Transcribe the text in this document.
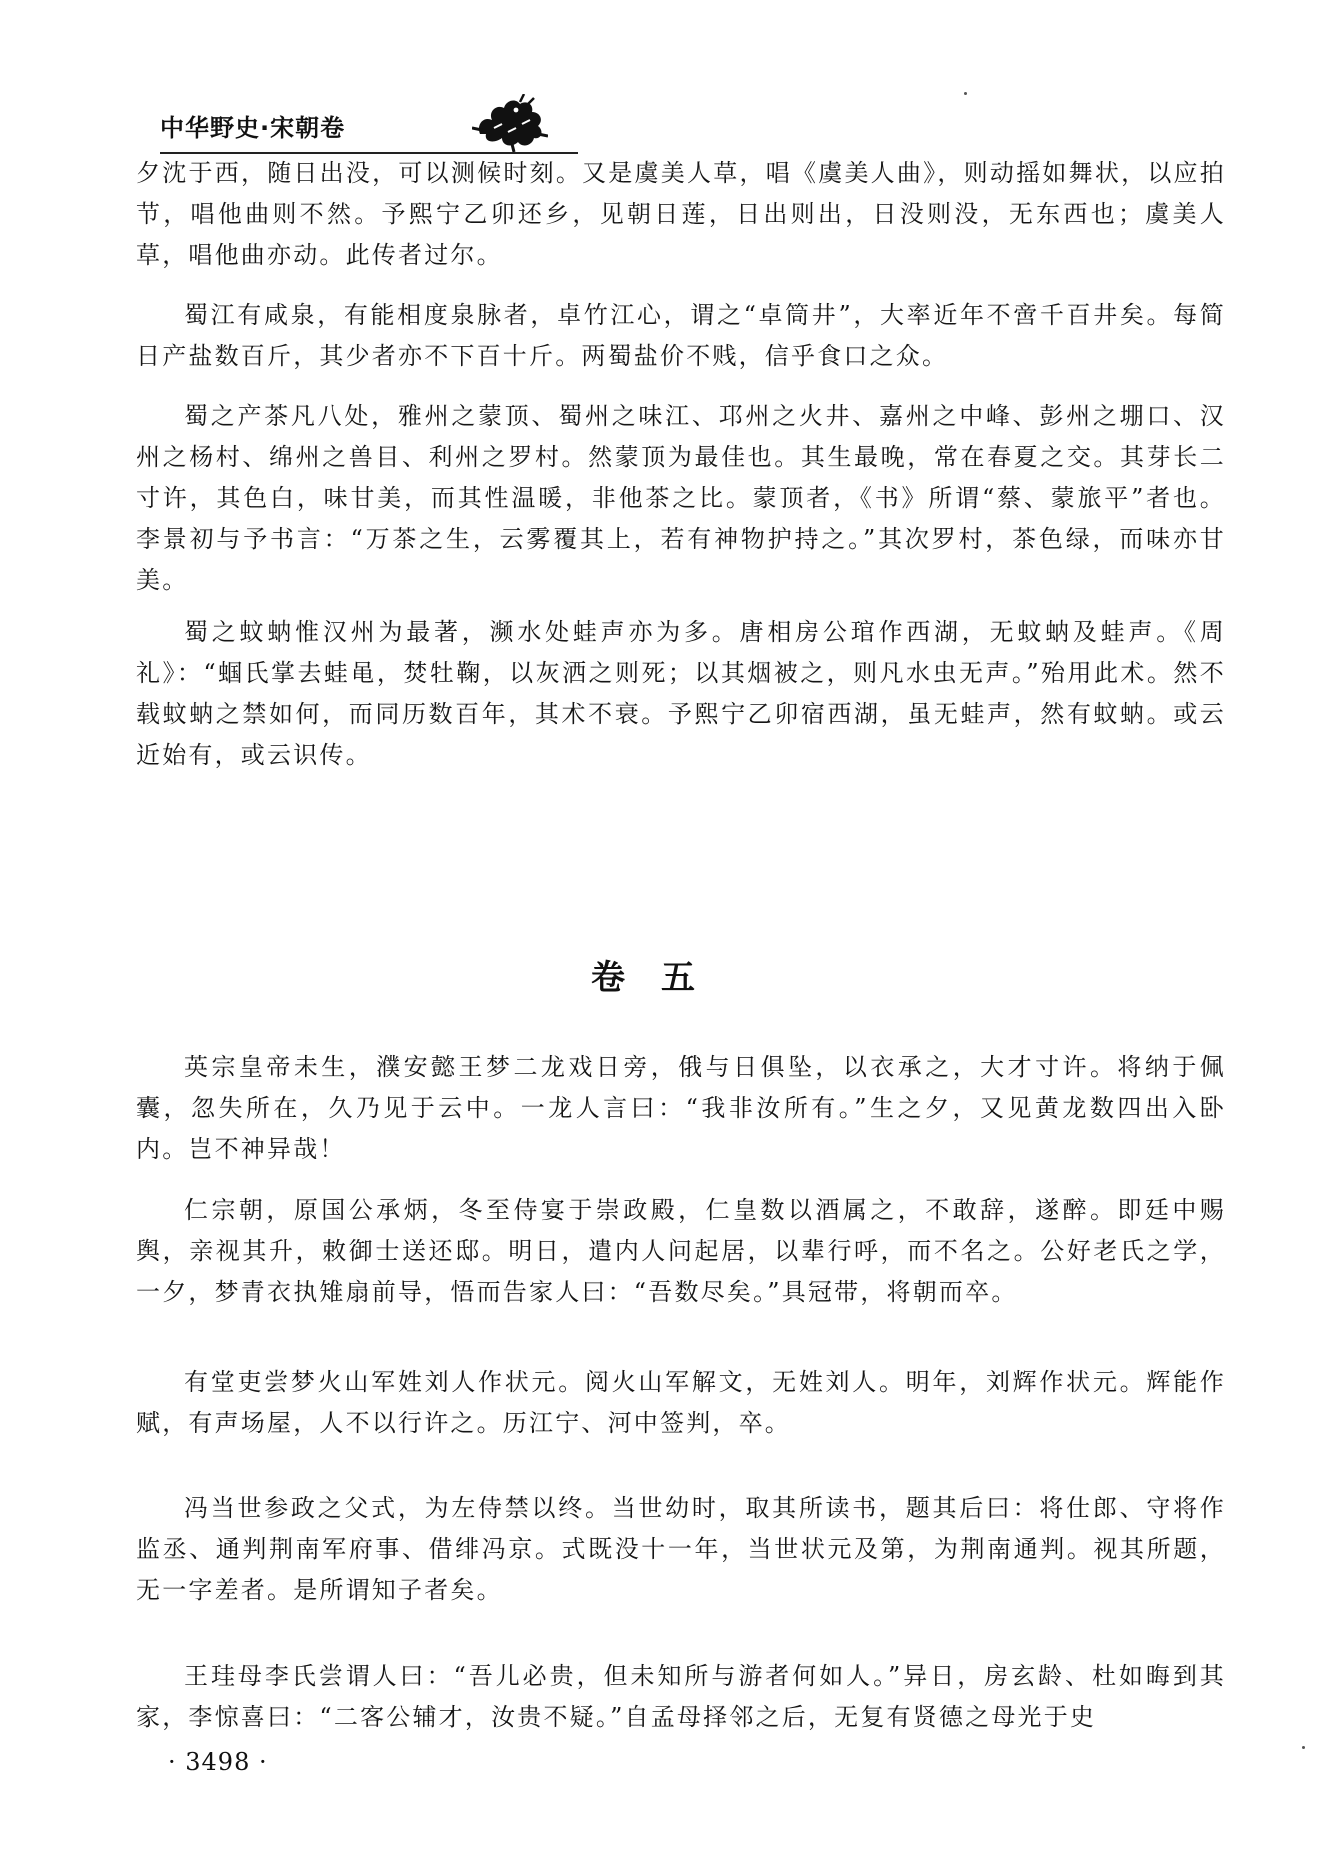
中华野史·宋朝卷

夕沈于西，随日出没，可以测候时刻。又是虞美人草，唱《虞美人曲》，则动摇如舞状，以应拍节，唱他曲则不然。予熙宁乙卯还乡，见朝日莲，日出则出，日没则没，无东西也；虞美人草，唱他曲亦动。此传者过尔。

蜀江有咸泉，有能相度泉脉者，卓竹江心，谓之“卓筒井”，大率近年不啻千百井矣。每简日产盐数百斤，其少者亦不下百十斤。两蜀盐价不贱，信乎食口之众。

蜀之产茶凡八处，雅州之蒙顶、蜀州之味江、邛州之火井、嘉州之中峰、彭州之堋口、汉州之杨村、绵州之兽目、利州之罗村。然蒙顶为最佳也。其生最晚，常在春夏之交。其芽长二寸许，其色白，味甘美，而其性温暖，非他茶之比。蒙顶者，《书》所谓“蔡、蒙旅平”者也。李景初与予书言：“万茶之生，云雾覆其上，若有神物护持之。”其次罗村，茶色绿，而味亦甘美。

蜀之蚊蚋惟汉州为最著，濒水处蛙声亦为多。唐相房公琯作西湖，无蚊蚋及蛙声。《周礼》：“蝈氏掌去蛙黾，焚牡鞠，以灰洒之则死；以其烟被之，则凡水虫无声。”殆用此术。然不载蚊蚋之禁如何，而同历数百年，其术不衰。予熙宁乙卯宿西湖，虽无蛙声，然有蚊蚋。或云近始有，或云识传。

卷五

英宗皇帝未生，濮安懿王梦二龙戏日旁，俄与日俱坠，以衣承之，大才寸许。将纳于佩囊，忽失所在，久乃见于云中。一龙人言曰：“我非汝所有。”生之夕，又见黄龙数四出入卧内。岂不神异哉！

仁宗朝，原国公承炳，冬至侍宴于崇政殿，仁皇数以酒属之，不敢辞，遂醉。即廷中赐舆，亲视其升，敕御士送还邸。明日，遣内人问起居，以辈行呼，而不名之。公好老氏之学，一夕，梦青衣执雉扇前导，悟而告家人曰：“吾数尽矣。”具冠带，将朝而卒。

有堂吏尝梦火山军姓刘人作状元。阅火山军解文，无姓刘人。明年，刘辉作状元。辉能作赋，有声场屋，人不以行许之。历江宁、河中签判，卒。

冯当世参政之父式，为左侍禁以终。当世幼时，取其所读书，题其后曰：将仕郎、守将作监丞、通判荆南军府事、借绯冯京。式既没十一年，当世状元及第，为荆南通判。视其所题，无一字差者。是所谓知子者矣。

王珪母李氏尝谓人曰：“吾儿必贵，但未知所与游者何如人。”异日，房玄龄、杜如晦到其家，李惊喜曰：“二客公辅才，汝贵不疑。”自孟母择邻之后，无复有贤德之母光于史

· 3498 ·
